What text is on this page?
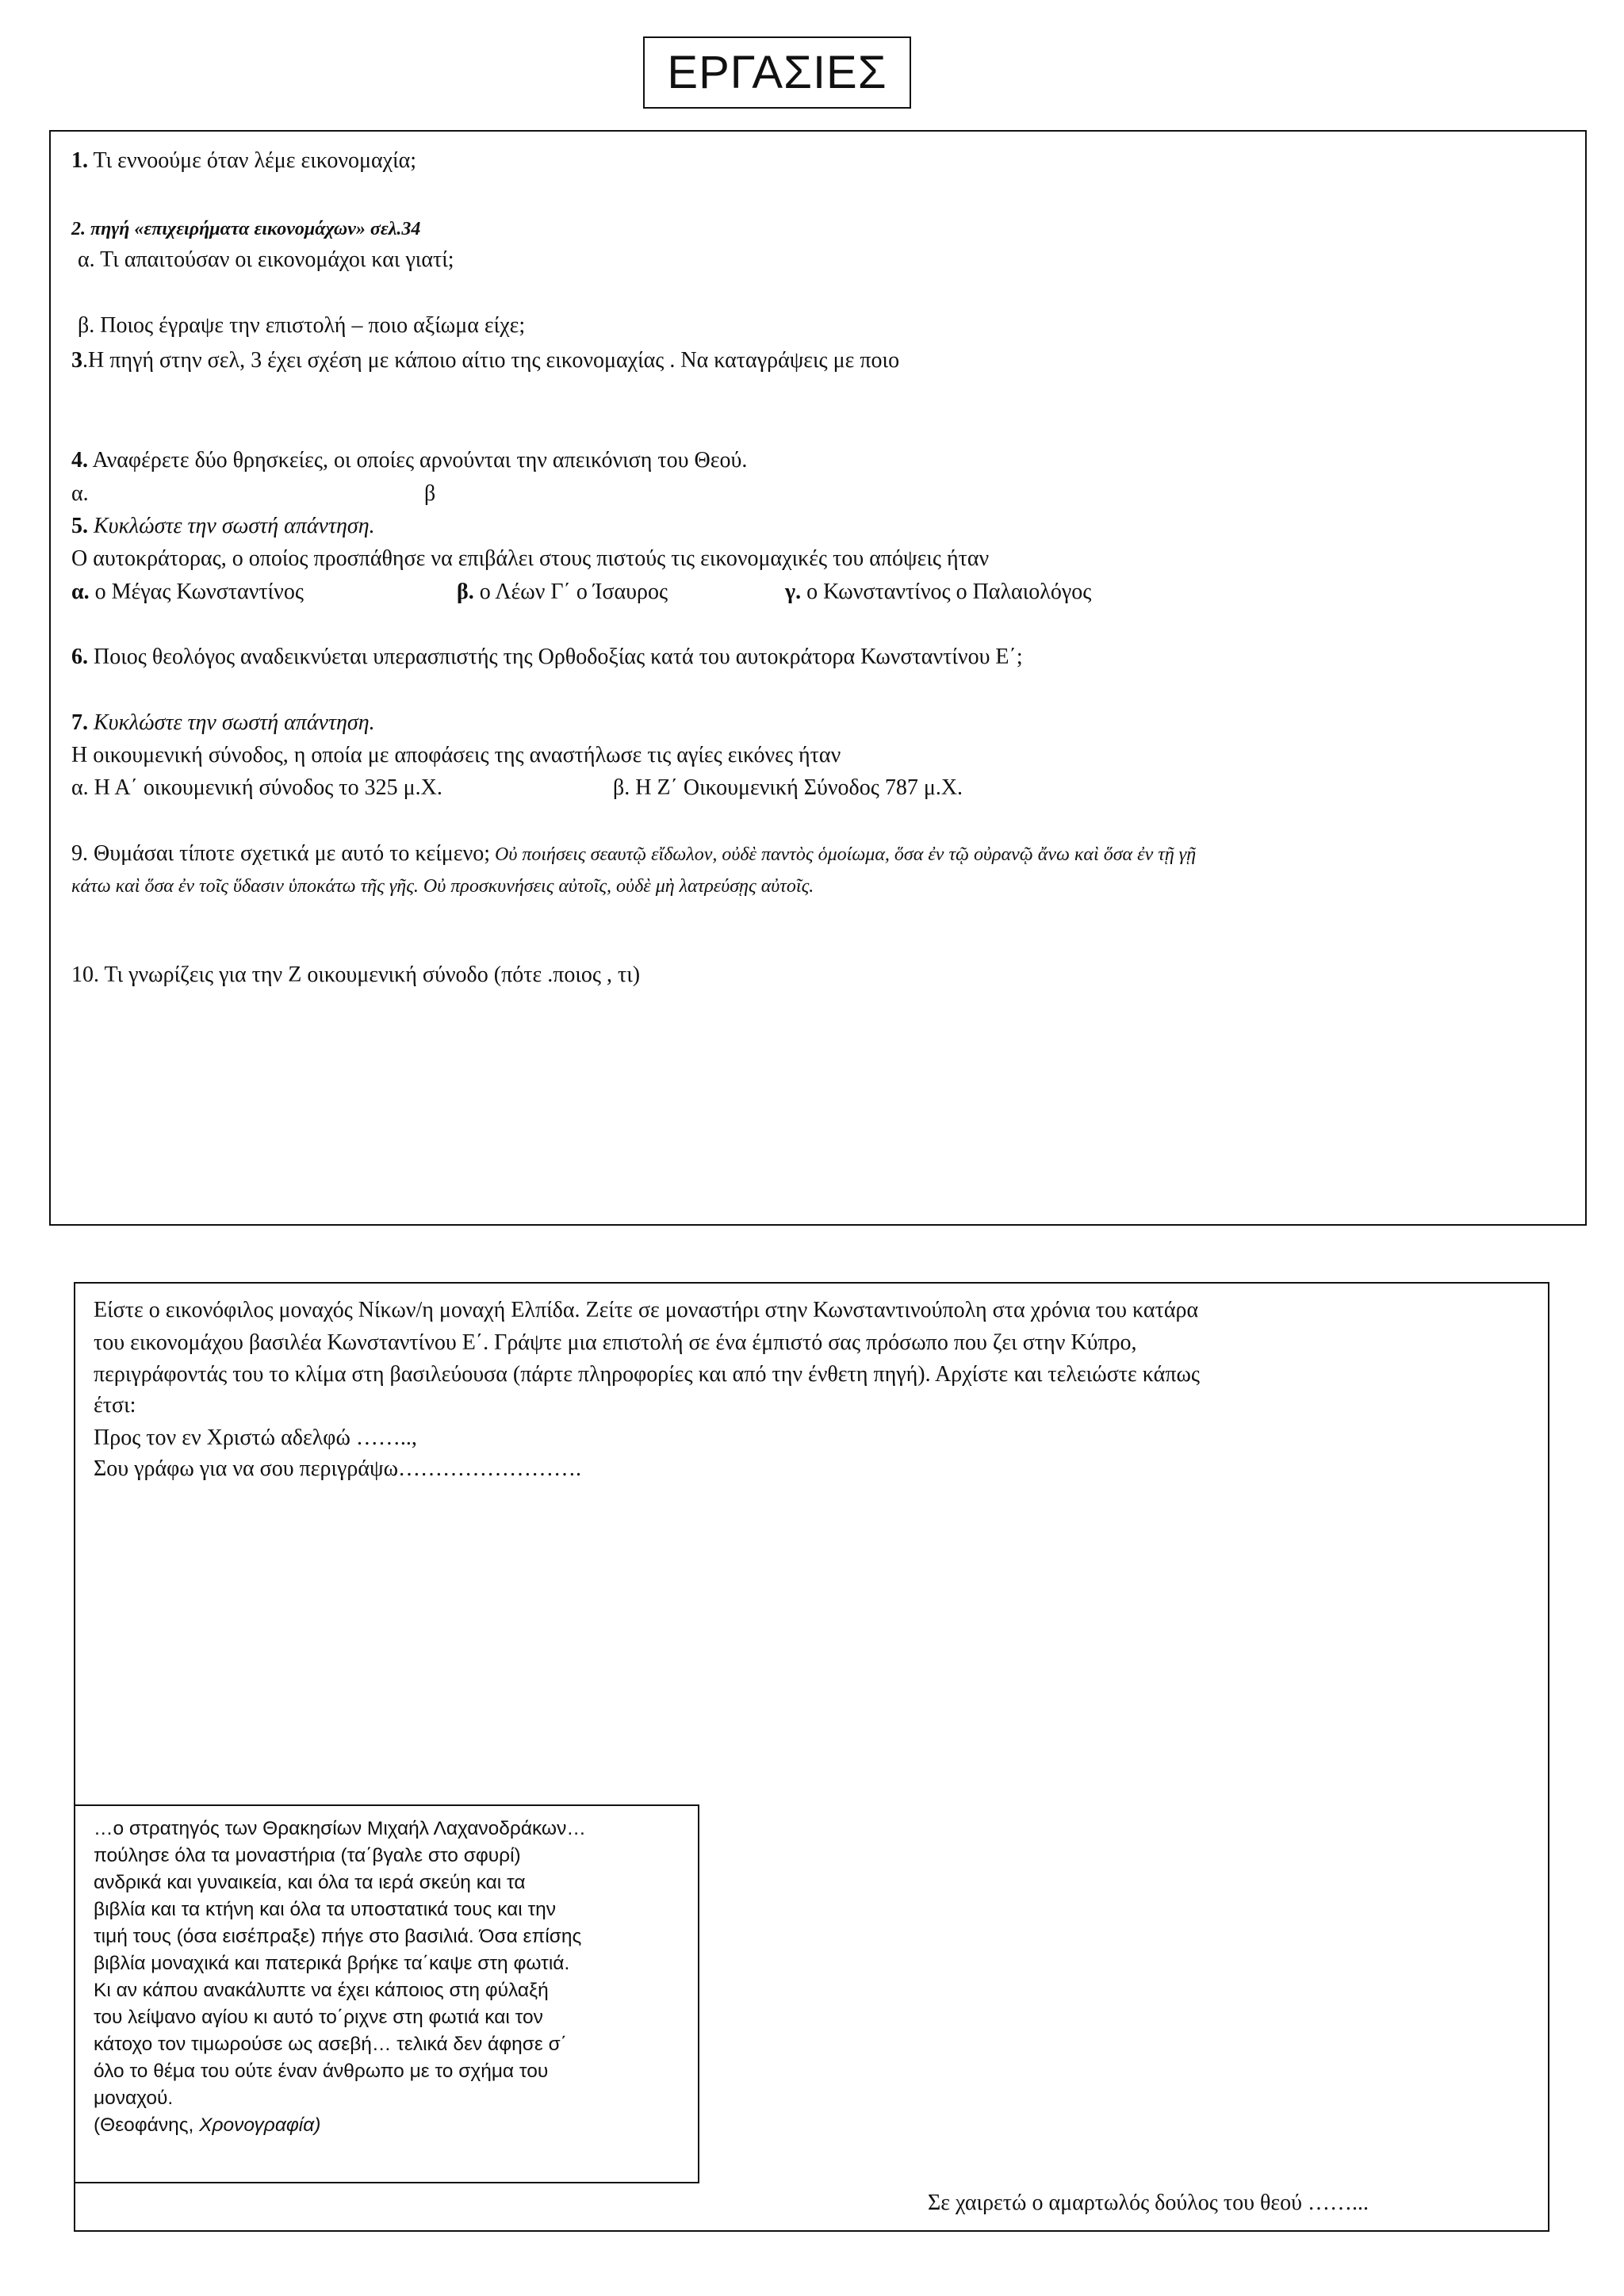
ΕΡΓΑΣΙΕΣ
1. Τι εννοούμε όταν λέμε εικονομαχία;
2. πηγή «επιχειρήματα εικονομάχων» σελ.34
α. Τι απαιτούσαν οι εικονομάχοι και γιατί;
β. Ποιος έγραψε την επιστολή – ποιο αξίωμα είχε;
3.Η πηγή στην σελ, 3 έχει σχέση με κάποιο αίτιο της εικονομαχίας . Να καταγράψεις με ποιο
4. Αναφέρετε δύο θρησκείες, οι οποίες αρνούνται την απεικόνιση του Θεού.
α.	β
5. Κυκλώστε την σωστή απάντηση.
Ο αυτοκράτορας, ο οποίος προσπάθησε να επιβάλει στους πιστούς τις εικονομαχικές του απόψεις ήταν
α. ο Μέγας Κωνσταντίνος	β. ο Λέων Γ΄ ο Ίσαυρος	γ. ο Κωνσταντίνος ο Παλαιολόγος
6. Ποιος θεολόγος αναδεικνύεται υπερασπιστής της Ορθοδοξίας κατά του αυτοκράτορα Κωνσταντίνου Ε΄;
7. Κυκλώστε την σωστή απάντηση.
Η οικουμενική σύνοδος, η οποία με αποφάσεις της αναστήλωσε τις αγίες εικόνες ήταν
α. Η Α΄ οικουμενική σύνοδος το 325 μ.Χ.	β. Η Ζ΄ Οικουμενική Σύνοδος 787 μ.Χ.
9. Θυμάσαι τίποτε σχετικά με αυτό το κείμενο; Οὐ ποιήσεις σεαυτῷ εἴδωλον, οὐδὲ παντὸς ὁμοίωμα, ὅσα ἐν τῷ οὐρανῷ ἄνω καὶ ὅσα ἐν τῇ γῇ
κάτω καὶ ὅσα ἐν τοῖς ὕδασιν ὑποκάτω τῆς γῆς. Οὐ προσκυνήσεις αὐτοῖς, οὐδὲ μὴ λατρεύσῃς αὐτοῖς.
10. Τι γνωρίζεις για την Ζ οικουμενική σύνοδο (πότε .ποιος , τι)
Είστε ο εικονόφιλος μοναχός Νίκων/η μοναχή Ελπίδα. Ζείτε σε μοναστήρι στην Κωνσταντινούπολη στα χρόνια του κατάρα
του εικονομάχου βασιλέα Κωνσταντίνου Ε΄. Γράψτε μια επιστολή σε ένα έμπιστό σας πρόσωπο που ζει στην Κύπρο,
περιγράφοντάς του το κλίμα στη βασιλεύουσα (πάρτε πληροφορίες και από την ένθετη πηγή). Αρχίστε και τελειώστε κάπως
έτσι:
Προς τον εν Χριστώ αδελφώ ……..,
Σου γράφω για να σου περιγράψω…………………….
Σε χαιρετώ ο αμαρτωλός δούλος του θεού ……...
…ο στρατηγός των Θρακησίων Μιχαήλ Λαχανοδράκων…
πούλησε όλα τα μοναστήρια (τα΄βγαλε στο σφυρί)
ανδρικά και γυναικεία, και όλα τα ιερά σκεύη και τα
βιβλία και τα κτήνη και όλα τα υποστατικά τους και την
τιμή τους (όσα εισέπραξε) πήγε στο βασιλιά. Όσα επίσης
βιβλία μοναχικά και πατερικά βρήκε τα΄καψε στη φωτιά.
Κι αν κάπου ανακάλυπτε να έχει κάποιος στη φύλαξή
του λείψανο αγίου κι αυτό το΄ριχνε στη φωτιά και τον
κάτοχο τον τιμωρούσε ως ασεβή… τελικά δεν άφησε σ΄
όλο το θέμα του ούτε έναν άνθρωπο με το σχήμα του
μοναχού.
(Θεοφάνης, Χρονογραφία)
